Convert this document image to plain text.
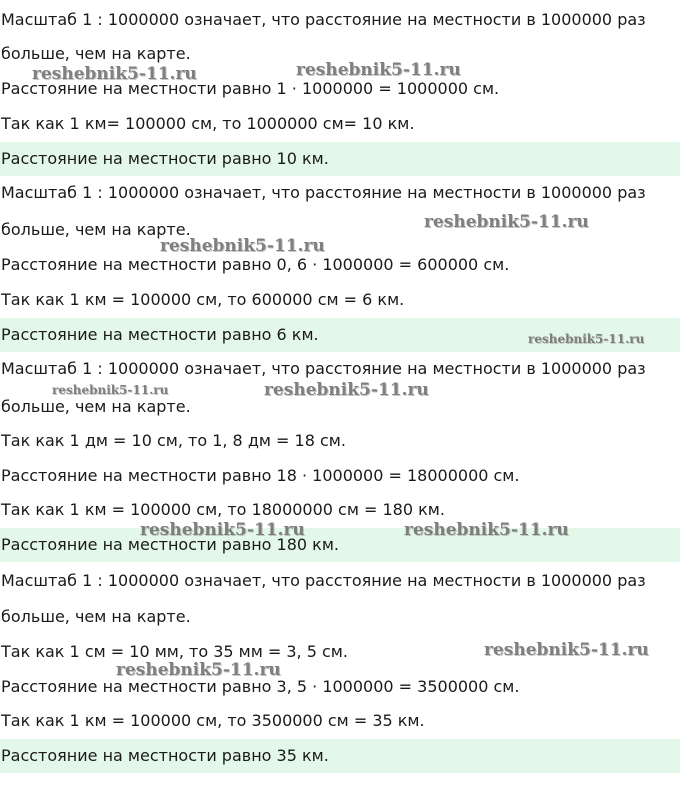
Масштаб 1 : 1000000 означает, что расстояние на местности в 1000000 раз
больше, чем на карте.
Расстояние на местности равно 1 · 1000000 = 1000000 см.
Так как 1 км= 100000 см, то 1000000 см= 10 км.
Расстояние на местности равно 10 км.
Масштаб 1 : 1000000 означает, что расстояние на местности в 1000000 раз
больше, чем на карте.
Расстояние на местности равно 0, 6 · 1000000 = 600000 см.
Так как 1 км = 100000 см, то 600000 см = 6 км.
Расстояние на местности равно 6 км.
Масштаб 1 : 1000000 означает, что расстояние на местности в 1000000 раз
больше, чем на карте.
Так как 1 дм = 10 см, то 1, 8 дм = 18 см.
Расстояние на местности равно 18 · 1000000 = 18000000 см.
Так как 1 км = 100000 см, то 18000000 см = 180 км.
Расстояние на местности равно 180 км.
Масштаб 1 : 1000000 означает, что расстояние на местности в 1000000 раз
больше, чем на карте.
Так как 1 см = 10 мм, то 35 мм = 3, 5 см.
Расстояние на местности равно 3, 5 · 1000000 = 3500000 см.
Так как 1 км = 100000 см, то 3500000 см = 35 км.
Расстояние на местности равно 35 км.
reshebnik5-11.ru	reshebnik5-11.ru
reshebnik5-11.ru
reshebnik5-11.ru
reshebnik5-11.ru
reshebnik5-11.ru	reshebnik5-11.ru
reshebnik5-11.ru	reshebnik5-11.ru
reshebnik5-11.ru
reshebnik5-11.ru
